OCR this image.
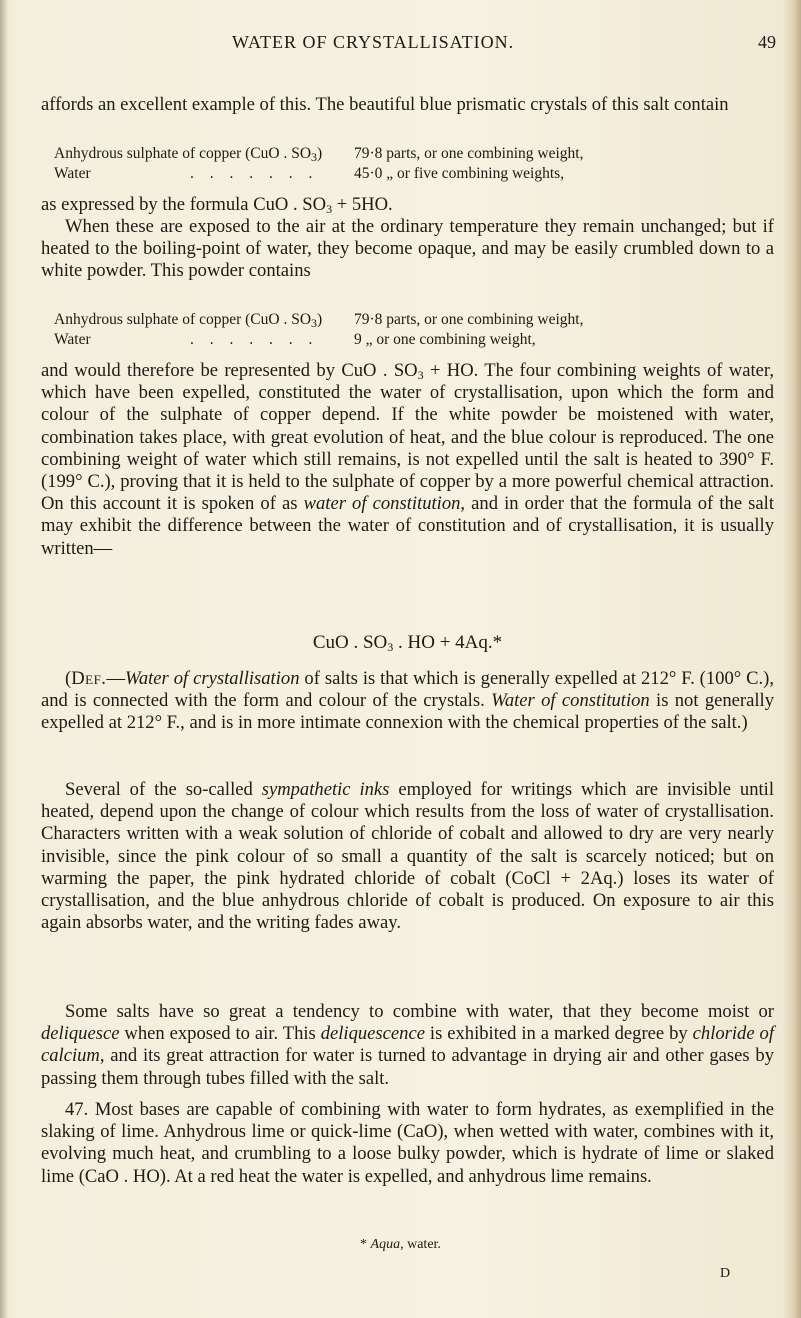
WATER OF CRYSTALLISATION.	49

affords an excellent example of this. The beautiful blue prismatic crystals of this salt contain

Anhydrous sulphate of copper (CuO . $SO_3$) 79·8 parts, or one combining weight,
Water	. . . . . . . 45·0 „ or five combining weights,

as expressed by the formula CuO . $SO_3 + 5HO$.

When these are exposed to the air at the ordinary temperature they remain unchanged; but if heated to the boiling-point of water, they become opaque, and may be easily crumbled down to a white powder. This powder contains

Anhydrous sulphate of copper (CuO . $SO_3$) 79·8 parts, or one combining weight,
Water	. . . . . . . 9 „ or one combining weight,

and would therefore be represented by CuO . $SO_3$ + HO. The four combining weights of water, which have been expelled, constituted the water of crystallisation, upon which the form and colour of the sulphate of copper depend. If the white powder be moistened with water, combination takes place, with great evolution of heat, and the blue colour is reproduced. The one combining weight of water which still remains, is not expelled until the salt is heated to 390° F. (199° C.), proving that it is held to the sulphate of copper by a more powerful chemical attraction. On this account it is spoken of as water of constitution, and in order that the formula of the salt may exhibit the difference between the water of constitution and of crystallisation, it is usually written—

CuO . $SO_3$ . HO + 4Aq.*

(Def.—Water of crystallisation of salts is that which is generally expelled at 212° F. (100° C.), and is connected with the form and colour of the crystals. Water of constitution is not generally expelled at 212° F., and is in more intimate connexion with the chemical properties of the salt.)

Several of the so-called sympathetic inks employed for writings which are invisible until heated, depend upon the change of colour which results from the loss of water of crystallisation. Characters written with a weak solution of chloride of cobalt and allowed to dry are very nearly invisible, since the pink colour of so small a quantity of the salt is scarcely noticed; but on warming the paper, the pink hydrated chloride of cobalt (CoCl + 2Aq.) loses its water of crystallisation, and the blue anhydrous chloride of cobalt is produced. On exposure to air this again absorbs water, and the writing fades away.

Some salts have so great a tendency to combine with water, that they become moist or deliquesce when exposed to air. This deliquescence is exhibited in a marked degree by chloride of calcium, and its great attraction for water is turned to advantage in drying air and other gases by passing them through tubes filled with the salt.

47. Most bases are capable of combining with water to form hydrates, as exemplified in the slaking of lime. Anhydrous lime or quick-lime (CaO), when wetted with water, combines with it, evolving much heat, and crumbling to a loose bulky powder, which is hydrate of lime or slaked lime (CaO . HO). At a red heat the water is expelled, and anhydrous lime remains.

* Aqua, water.
D
